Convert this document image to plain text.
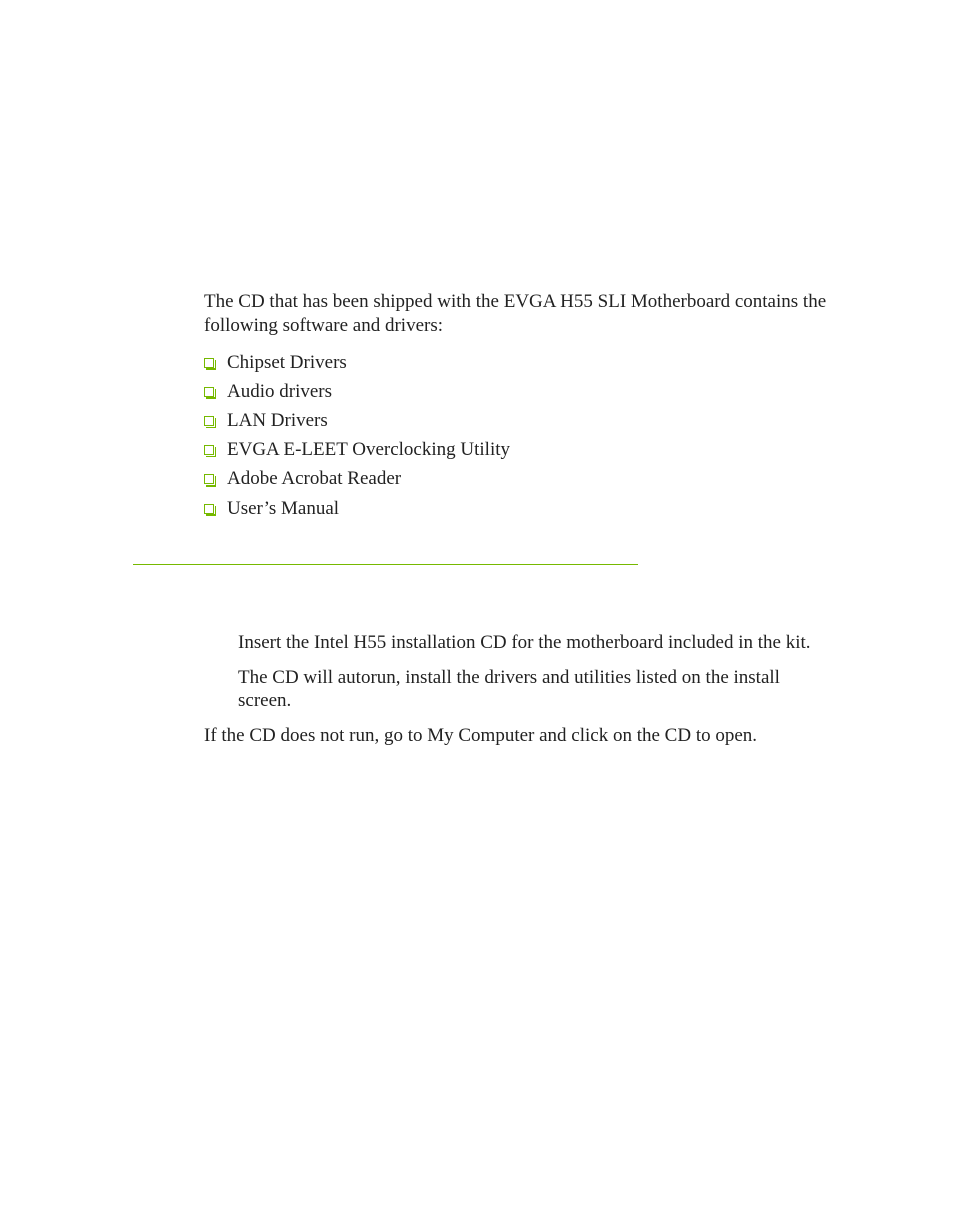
The CD that has been shipped with the EVGA H55 SLI Motherboard contains the following software and drivers:

Chipset Drivers
Audio drivers
LAN Drivers
EVGA E-LEET Overclocking Utility
Adobe Acrobat Reader
User’s Manual

Insert the Intel H55 installation CD for the motherboard included in the kit.

The CD will autorun, install the drivers and utilities listed on the install screen.

If the CD does not run, go to My Computer and click on the CD to open.
